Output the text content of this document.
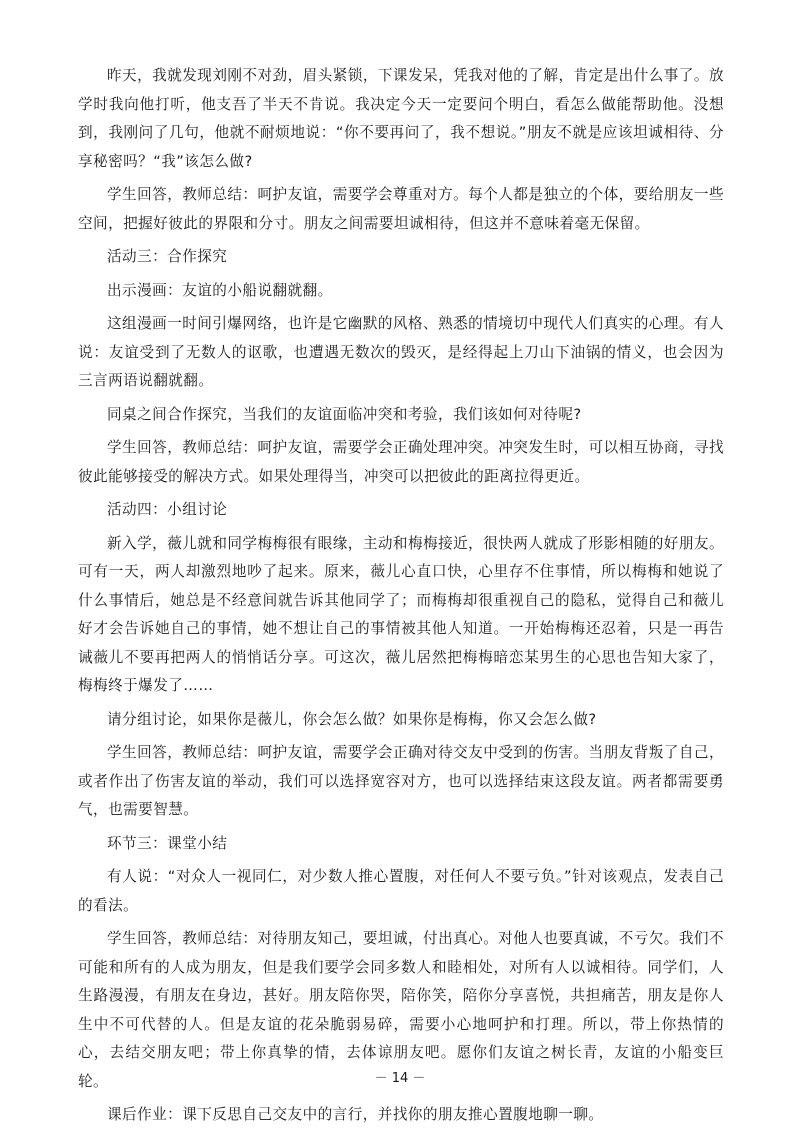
昨天，我就发现刘刚不对劲，眉头紧锁，下课发呆，凭我对他的了解，肯定是出什么事了。放学时我向他打听，他支吾了半天不肯说。我决定今天一定要问个明白，看怎么做能帮助他。没想到，我刚问了几句，他就不耐烦地说：“你不要再问了，我不想说。”朋友不就是应该坦诚相待、分享秘密吗？“我”该怎么做?

学生回答，教师总结：呵护友谊，需要学会尊重对方。每个人都是独立的个体，要给朋友一些空间，把握好彼此的界限和分寸。朋友之间需要坦诚相待，但这并不意味着毫无保留。

活动三：合作探究

出示漫画：友谊的小船说翻就翻。

这组漫画一时间引爆网络，也许是它幽默的风格、熟悉的情境切中现代人们真实的心理。有人说：友谊受到了无数人的讴歌，也遭遇无数次的毁灭，是经得起上刀山下油锅的情义，也会因为三言两语说翻就翻。

同桌之间合作探究，当我们的友谊面临冲突和考验，我们该如何对待呢?

学生回答，教师总结：呵护友谊，需要学会正确处理冲突。冲突发生时，可以相互协商，寻找彼此能够接受的解决方式。如果处理得当，冲突可以把彼此的距离拉得更近。

活动四：小组讨论

新入学，薇儿就和同学梅梅很有眼缘，主动和梅梅接近，很快两人就成了形影相随的好朋友。可有一天，两人却激烈地吵了起来。原来，薇儿心直口快，心里存不住事情，所以梅梅和她说了什么事情后，她总是不经意间就告诉其他同学了；而梅梅却很重视自己的隐私，觉得自己和薇儿好才会告诉她自己的事情，她不想让自己的事情被其他人知道。一开始梅梅还忍着，只是一再告诫薇儿不要再把两人的悄悄话分享。可这次，薇儿居然把梅梅暗恋某男生的心思也告知大家了，梅梅终于爆发了……

请分组讨论，如果你是薇儿，你会怎么做？如果你是梅梅，你又会怎么做?

学生回答，教师总结：呵护友谊，需要学会正确对待交友中受到的伤害。当朋友背叛了自己，或者作出了伤害友谊的举动，我们可以选择宽容对方，也可以选择结束这段友谊。两者都需要勇气，也需要智慧。

环节三：课堂小结

有人说：“对众人一视同仁，对少数人推心置腹，对任何人不要亏负。”针对该观点，发表自己的看法。

学生回答，教师总结：对待朋友知己，要坦诚，付出真心。对他人也要真诚，不亏欠。我们不可能和所有的人成为朋友，但是我们要学会同多数人和睦相处，对所有人以诚相待。同学们，人生路漫漫，有朋友在身边，甚好。朋友陪你哭，陪你笑，陪你分享喜悦，共担痛苦，朋友是你人生中不可代替的人。但是友谊的花朵脆弱易碎，需要小心地呵护和打理。所以，带上你热情的心，去结交朋友吧；带上你真挚的情，去体谅朋友吧。愿你们友谊之树长青，友谊的小船变巨轮。

课后作业：课下反思自己交友中的言行，并找你的朋友推心置腹地聊一聊。

－ 14 －
